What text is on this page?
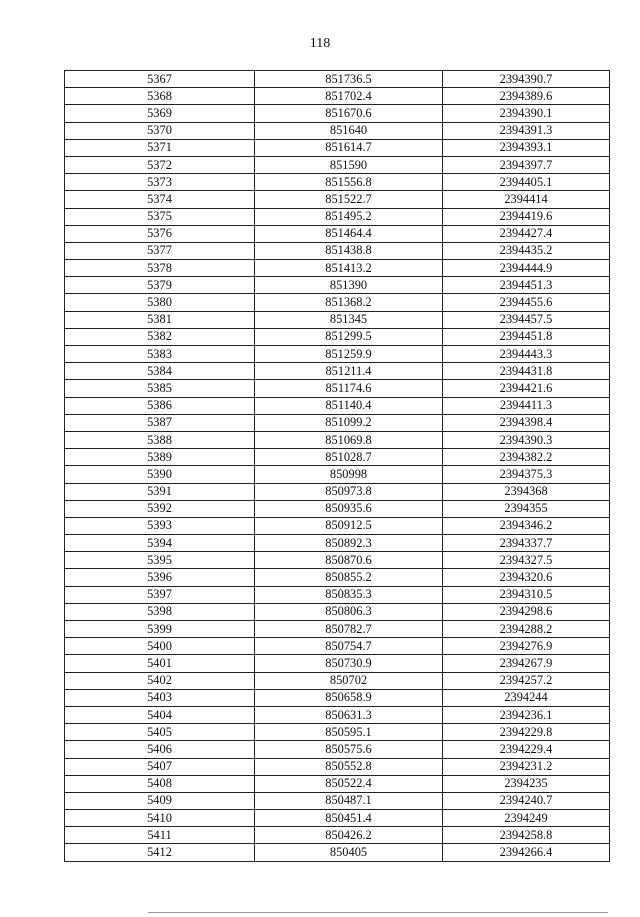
118
5367	851736.5	2394390.7
5368	851702.4	2394389.6
5369	851670.6	2394390.1
5370	851640	2394391.3
5371	851614.7	2394393.1
5372	851590	2394397.7
5373	851556.8	2394405.1
5374	851522.7	2394414
5375	851495.2	2394419.6
5376	851464.4	2394427.4
5377	851438.8	2394435.2
5378	851413.2	2394444.9
5379	851390	2394451.3
5380	851368.2	2394455.6
5381	851345	2394457.5
5382	851299.5	2394451.8
5383	851259.9	2394443.3
5384	851211.4	2394431.8
5385	851174.6	2394421.6
5386	851140.4	2394411.3
5387	851099.2	2394398.4
5388	851069.8	2394390.3
5389	851028.7	2394382.2
5390	850998	2394375.3
5391	850973.8	2394368
5392	850935.6	2394355
5393	850912.5	2394346.2
5394	850892.3	2394337.7
5395	850870.6	2394327.5
5396	850855.2	2394320.6
5397	850835.3	2394310.5
5398	850806.3	2394298.6
5399	850782.7	2394288.2
5400	850754.7	2394276.9
5401	850730.9	2394267.9
5402	850702	2394257.2
5403	850658.9	2394244
5404	850631.3	2394236.1
5405	850595.1	2394229.8
5406	850575.6	2394229.4
5407	850552.8	2394231.2
5408	850522.4	2394235
5409	850487.1	2394240.7
5410	850451.4	2394249
5411	850426.2	2394258.8
5412	850405	2394266.4
